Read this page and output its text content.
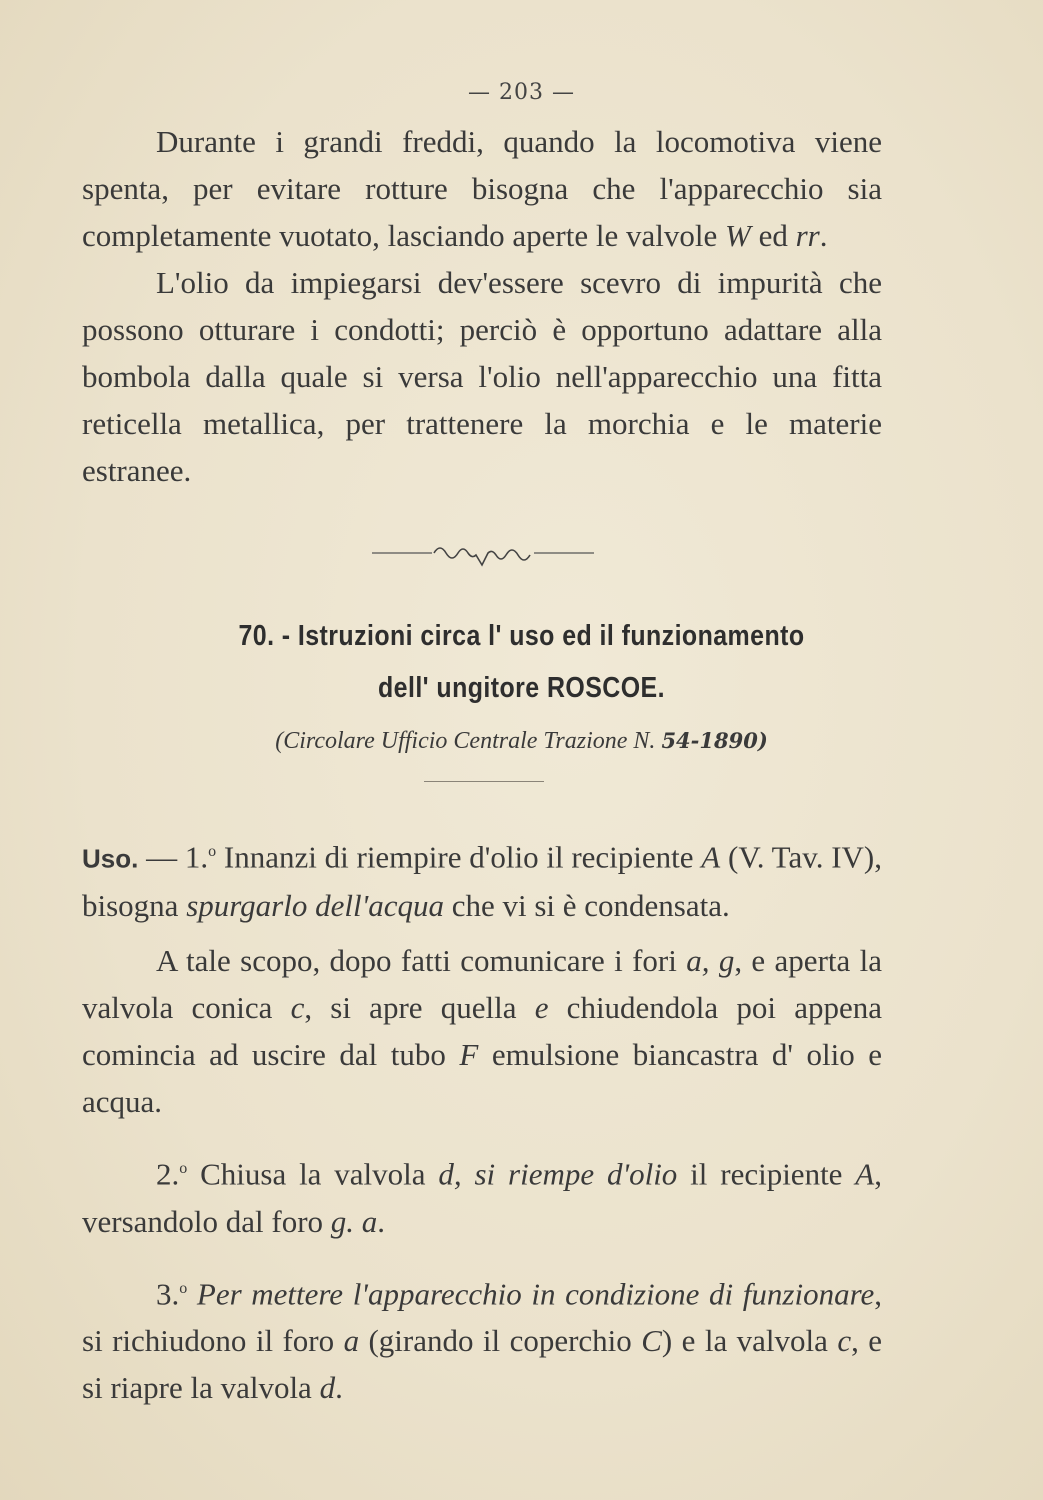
— 203 —

Durante i grandi freddi, quando la locomotiva viene spenta, per evitare rotture bisogna che l'apparecchio sia completamente vuotato, lasciando aperte le valvole W ed rr.

L'olio da impiegarsi dev'essere scevro di impurità che possono otturare i condotti; perciò è opportuno adattare alla bombola dalla quale si versa l'olio nell'apparecchio una fitta reticella metallica, per trattenere la morchia e le materie estranee.

70. - Istruzioni circa l' uso ed il funzionamento
dell' ungitore ROSCOE.
(Circolare Ufficio Centrale Trazione N. 54-1890)

Uso. — 1.$^o$ Innanzi di riempire d'olio il recipiente A (V. Tav. IV), bisogna spurgarlo dell'acqua che vi si è condensata.

A tale scopo, dopo fatti comunicare i fori a, g, e aperta la valvola conica c, si apre quella e chiudendola poi appena comincia ad uscire dal tubo F emulsione biancastra d' olio e acqua.

2.$^o$ Chiusa la valvola d, si riempe d'olio il recipiente A, versandolo dal foro g. a.

3.$^o$ Per mettere l'apparecchio in condizione di funzionare, si richiudono il foro a (girando il coperchio C) e la valvola c, e si riapre la valvola d.
